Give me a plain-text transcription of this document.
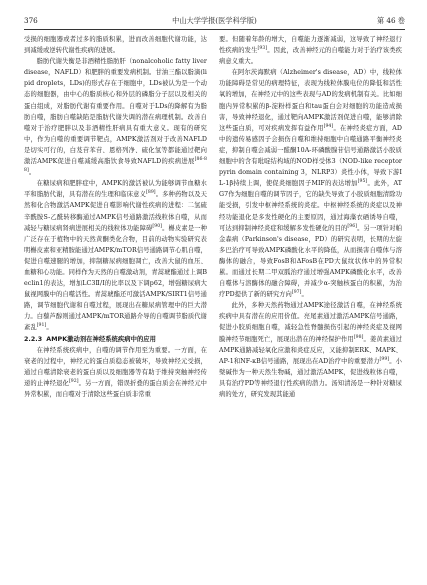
376	中山大学学报(医学科学版)	第 46 卷

受损的细胞器或者过多的脂质积累，进而改善细胞代谢功能，达到减缓或逆转代谢性疾病的进展。

脂肪代谢失衡是非酒精性脂肪肝（nonalcoholic fatty liver disease，NAFLD）和肥胖的重要发病机制。甘油三酯以脂滴(lipid droplets，LDs)的形式存在于细胞中，LDs被认为是一个动态的细胞器，由中心的脂质核心和外层的磷脂分子层以及相关的蛋白组成，对脂肪代谢有重要作用。自噬对于LDs的降解有为脂肪自噬，脂肪自噬缺陷是脂肪代谢失调的潜在病理机制。改善自噬对于治疗肥胖以及非酒精性肝病具有重大意义。现有的研究中，作为自噬的重要调节靶点，AMPK激活剂对于改善NAFLD是切实可行的，白芨苷苯苷、恩格列净、硫化氢等都能通过靶向激活AMPK促进自噬减缓高脂饮食导致NAFLD的疾病进展[86-88]。

在糖尿病和肥胖症中，AMPK的激活被认为能够调节血糖水平和脂肪代谢，具有潜在的生理和临床意义[89]。多种药物以及天然和化合物激活AMPK促进自噬影响代谢性疾病的进程：二氢硫辛酰胺S-乙酰转移酶通过AMPK信号通路激活线粒体自噬，从而减轻与糖尿病肾病进展相关的线粒体功能障碍[90]。槲皮素是一种广泛存在于植物中的天然黄酮类化合物，目前的动物实验研究表明槲皮素和亚精胺能通过AMPK/mTOR信号通路调节心肌自噬，促进自噬速腿的增加，抑制糖尿病细胞凋亡，改善大鼠的血压、血糖和心功能。同样作为天然的自噬激动剂，青蒿琥酯通过上调Beclin1的表达，增加LC3Ⅱ/Ⅰ的比率以及下调p62，增强糖尿病大鼠视网膜中的自噬活性。青蒿琥酯还可激活AMPK/SIRT1信号通路，调节细胞代谢和自噬过程，展现出在糖尿病管理中的巨大潜力。白藜芦醇则通过AMPK/mTOR通路介导的自噬调节脂质代谢紊乱[91]。

2.2.3 AMPK激动剂在神经系统疾病中的应用

在神经系统疾病中，自噬的调节作用至为重要。一方面，在衰老的过程中，神经元的蛋白质稳态被破坏，导致神经元受损，通过自噬清除衰老的蛋白质以及细胞器等有助于维持突触神经传递的止神经退化[92]。另一方面，错误折叠的蛋白质会在神经元中异常积累，而自噬对于清除这些蛋白质非常重

要。但随着年龄的增大，自噬能力逐渐减弱，这导致了神经退行性疾病的发生[93]。因此，改善神经元的自噬能力对于治疗该类疾病意义重大。

在阿尔茨海默病（Alzheimer's disease，AD）中，线粒体功能障碍是常见的病理特征，表现为线粒体膜电位的降低和活性氧的增加，在神经元中的这些表现与AD的发病机制有关。比如细胞内异常积累的β-淀粉样蛋白和tau蛋白会对细胞的功能造成损害，导致神经退化，通过靶向AMPK激活剂促进自噬，能够清除这些蛋白质，可对疾病发挥有益作用[94]。在神经炎症方面，AD中的遗传易感因子会损伤自噬和维持细胞中自噬通路平衡神经炎症，抑制自噬会减弱一醛酮10A-环磷酸腺苷信号通路激活小胶质细胞中的含有吡啶结构域的NOD样受体3（NOD-like receptor pyrin domain containing 3，NLRP3）炎性小体，导致下游IL-1β持续上调，使促炎细胞因子MIF的表达增加[95]。此外，ATG7作为细胞自噬的调节因子，它的缺失导致了小胶质细胞清除功能受损，引发中枢神经系统的炎症。中枢神经系统的炎症以及神经功能退化是多发性硬化的主要原因，通过海藻衣硒诱导自噬，可达到抑制神经炎症和缓解多发性硬化的目的[96]。另一项针对帕金森病（Parkinson's disease，PD）的研究表明，长期的左旋多巴治疗可导致AMPK磷酸化水平的降低，从而损害自噬体与溶酶体的融合，导致FosB和ΔFosB在PD大鼠纹状体中的异常积累。而通过长期二甲双胍治疗通过增强AMPK磷酸化水平，改善自噬体与溶酶体的融合障碍，并减少α-突触核蛋白的积累，为治疗PD提供了新的研究方向[97]。

此外，多种天然药物通过AMPK途径激活自噬，在神经系统疾病中具有潜在的应用价值。亮尾素通过激活AMPK信号通路，促进小胶质细胞自噬，减轻急性脊髓损伤引起的神经炎症及视网膜神经节细胞死亡，展现出潜在的神经保护作用[98]。姜黄素通过AMPK通路减轻氧化应激和炎症反应，又能抑制ERK、MAPK、AP-1和NF-κB信号通路，展现出在AD治疗中的重要潜力[99]。小檗碱作为一种天然生物碱，通过激活AMPK，促进线粒体自噬，具有治疗PD等神经退行性疾病的潜力。汤知清汤是一种针对糖尿病的处方，研究发现其能通
